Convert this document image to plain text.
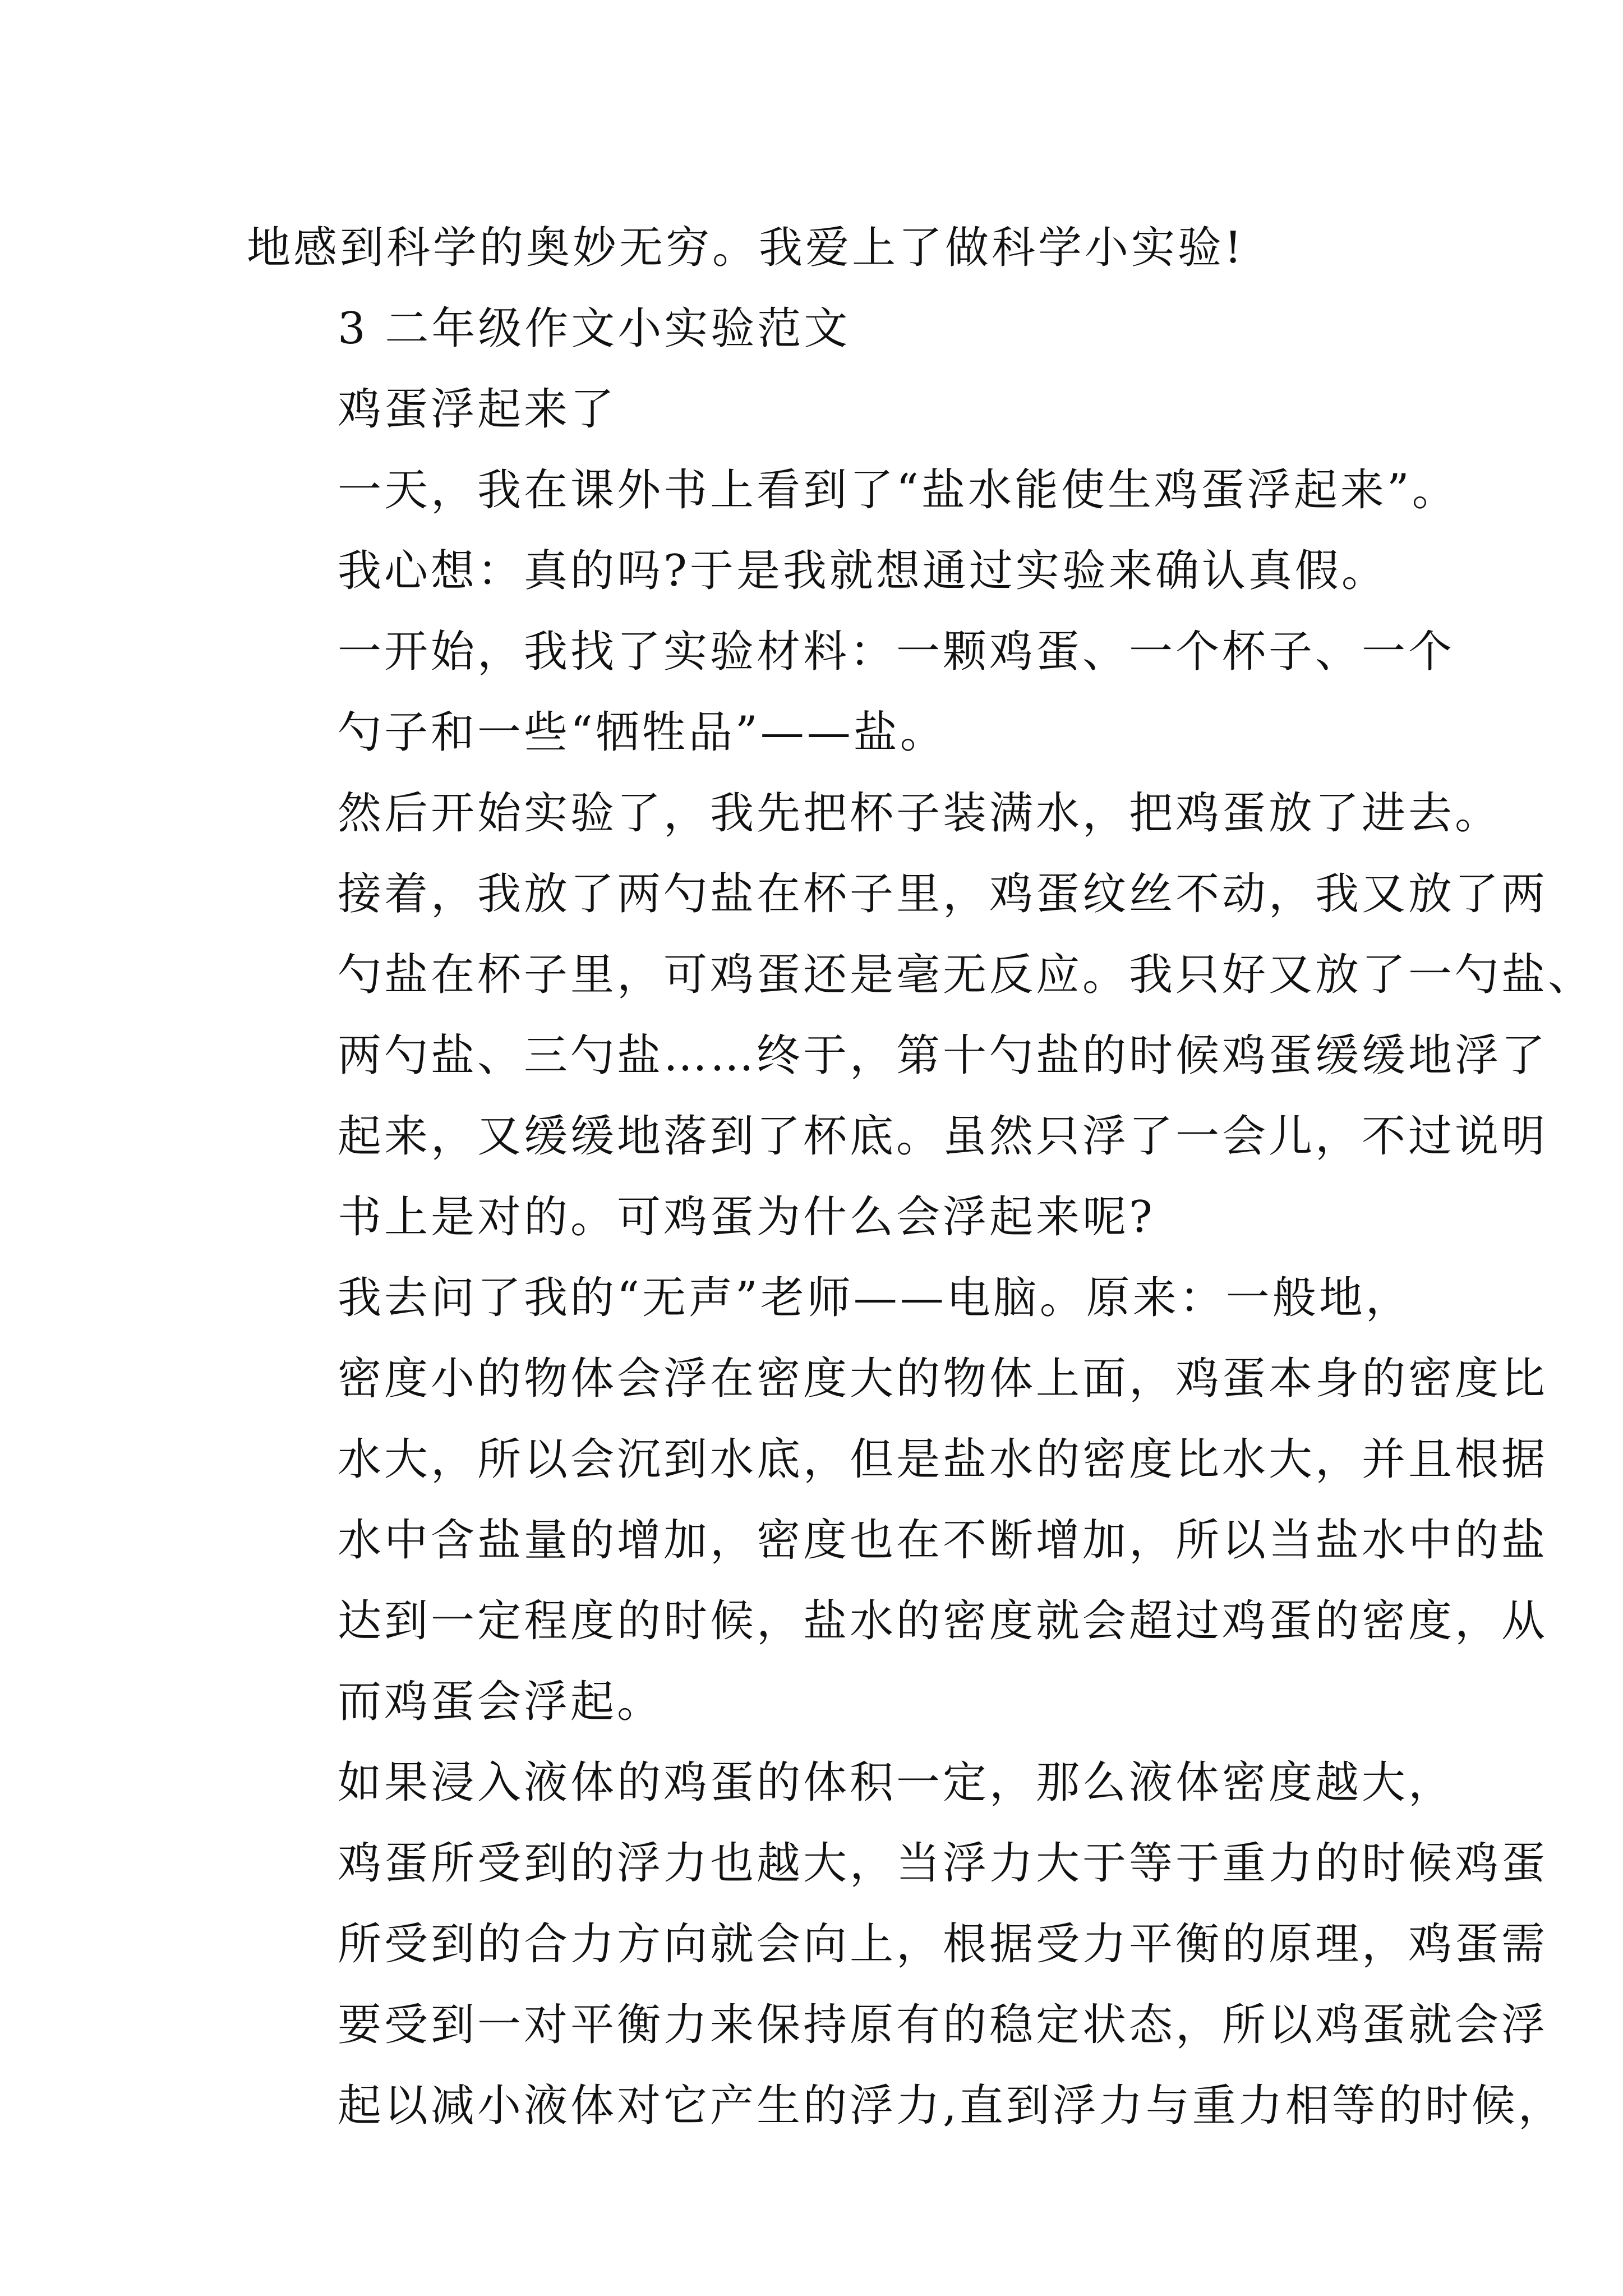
地感到科学的奥妙无穷。我爱上了做科学小实验!

3 二年级作文小实验范文

鸡蛋浮起来了

一天，我在课外书上看到了“盐水能使生鸡蛋浮起来”。
我心想：真的吗?于是我就想通过实验来确认真假。

一开始，我找了实验材料：一颗鸡蛋、一个杯子、一个
勺子和一些“牺牲品”——盐。

然后开始实验了，我先把杯子装满水，把鸡蛋放了进去。
接着，我放了两勺盐在杯子里，鸡蛋纹丝不动，我又放了两
勺盐在杯子里，可鸡蛋还是毫无反应。我只好又放了一勺盐、
两勺盐、三勺盐……终于，第十勺盐的时候鸡蛋缓缓地浮了
起来，又缓缓地落到了杯底。虽然只浮了一会儿，不过说明
书上是对的。可鸡蛋为什么会浮起来呢?

我去问了我的“无声”老师——电脑。原来：一般地，
密度小的物体会浮在密度大的物体上面，鸡蛋本身的密度比
水大，所以会沉到水底，但是盐水的密度比水大，并且根据
水中含盐量的增加，密度也在不断增加，所以当盐水中的盐
达到一定程度的时候，盐水的密度就会超过鸡蛋的密度，从
而鸡蛋会浮起。

如果浸入液体的鸡蛋的体积一定，那么液体密度越大，
鸡蛋所受到的浮力也越大，当浮力大于等于重力的时候鸡蛋
所受到的合力方向就会向上，根据受力平衡的原理，鸡蛋需
要受到一对平衡力来保持原有的稳定状态，所以鸡蛋就会浮
起以减小液体对它产生的浮力,直到浮力与重力相等的时候，
